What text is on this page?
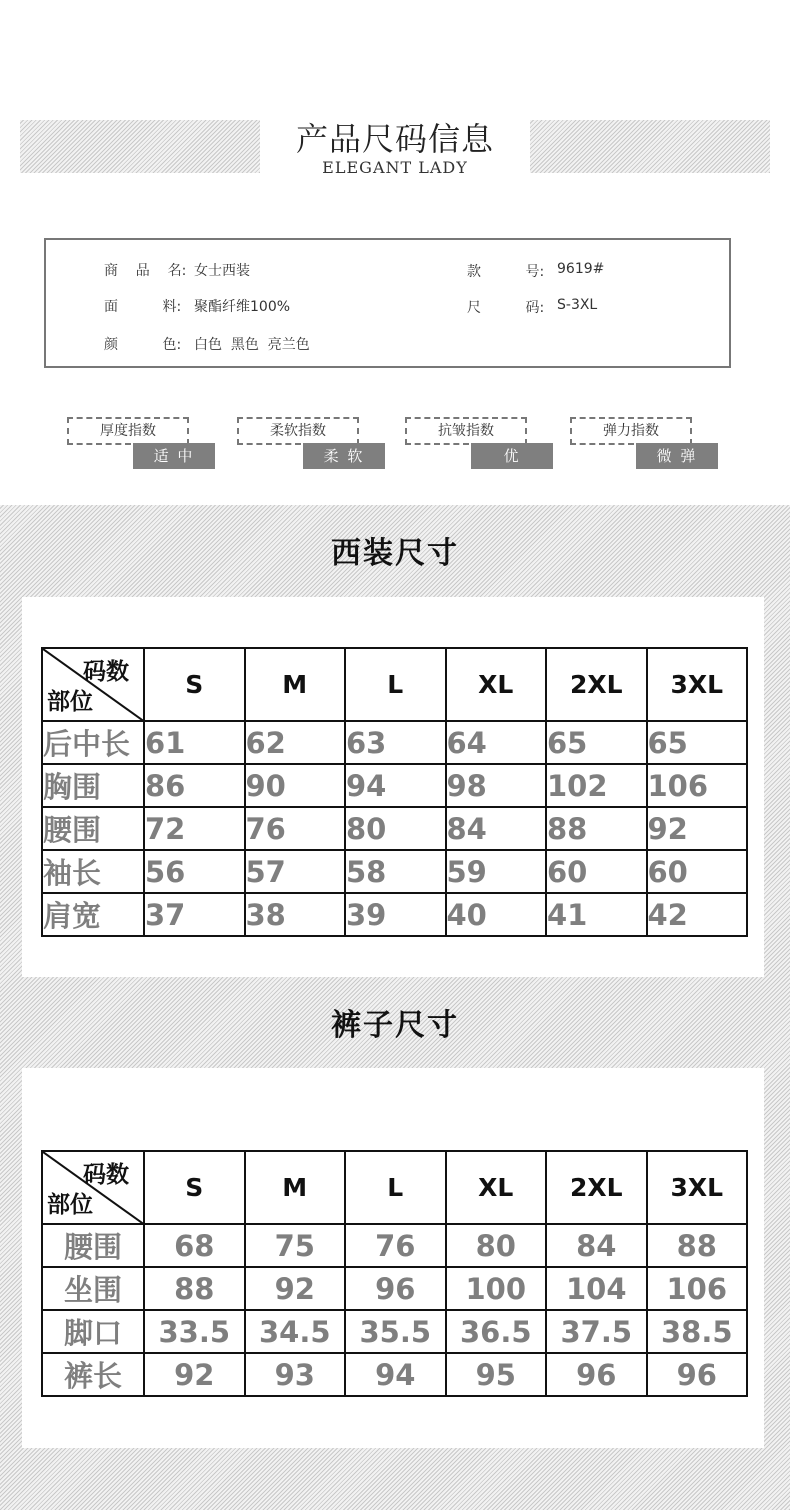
产品尺码信息
ELEGANT LADY
商    品    名: 女士西装	款          号: 9619#
面          料: 聚酯纤维100%	尺          码: S-3XL
颜          色: 白色  黑色  亮兰色
厚度指数
适 中
柔软指数
柔 软
抗皱指数
优
弹力指数
微 弹
西装尺寸
码数
部位	S	M	L	XL	2XL	3XL
后中长	61	62	63	64	65	65
胸围	86	90	94	98	102	106
腰围	72	76	80	84	88	92
袖长	56	57	58	59	60	60
肩宽	37	38	39	40	41	42
裤子尺寸
码数
部位	S	M	L	XL	2XL	3XL
腰围	68	75	76	80	84	88
坐围	88	92	96	100	104	106
脚口	33.5	34.5	35.5	36.5	37.5	38.5
裤长	92	93	94	95	96	96
